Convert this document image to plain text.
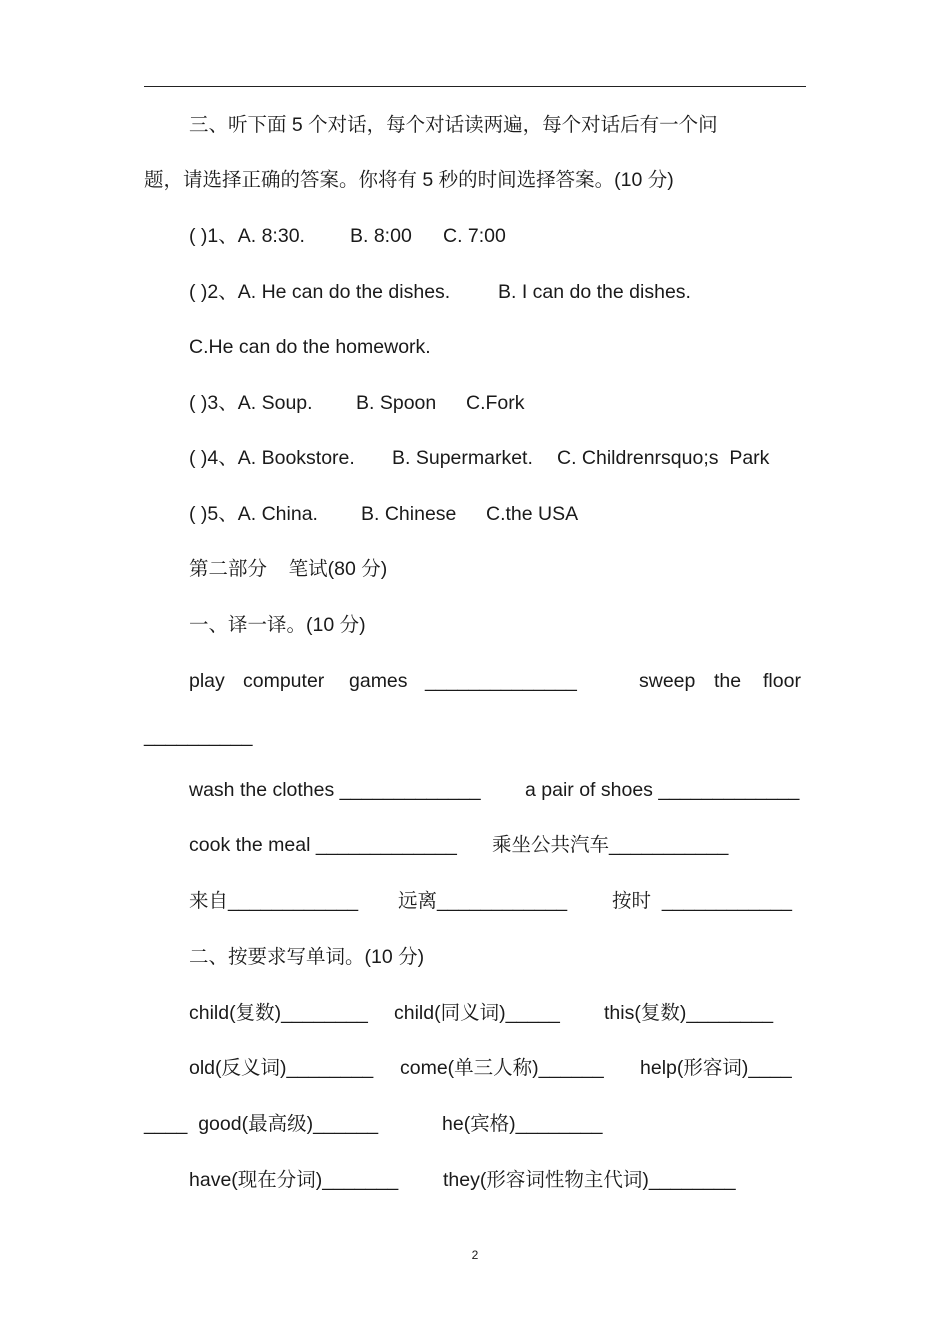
三、听下面 5 个对话，每个对话读两遍，每个对话后有一个问
题，请选择正确的答案。你将有 5 秒的时间选择答案。(10 分)
( )1、A. 8:30. B. 8:00 C. 7:00
( )2、A. He can do the dishes. B. I can do the dishes.
C.He can do the homework.
( )3、A. Soup. B. Spoon C.Fork
( )4、A. Bookstore. B. Supermarket. C. Childrenrsquo;s  Park
( )5、A. China. B. Chinese C.the USA
第二部分    笔试(80 分)
一、译一译。(10 分)
play computer games ______________	sweep the floor
__________
wash the clothes _____________ a pair of shoes _____________
cook the meal _____________ 乘坐公共汽车___________
来自____________ 远离____________ 按时  ____________
二、按要求写单词。(10 分)
child(复数)________ child(同义词)_____ this(复数)________
old(反义词)________ come(单三人称)______ help(形容词)____
____  good(最高级)______	he(宾格)________
have(现在分词)_______ they(形容词性物主代词)________
2
